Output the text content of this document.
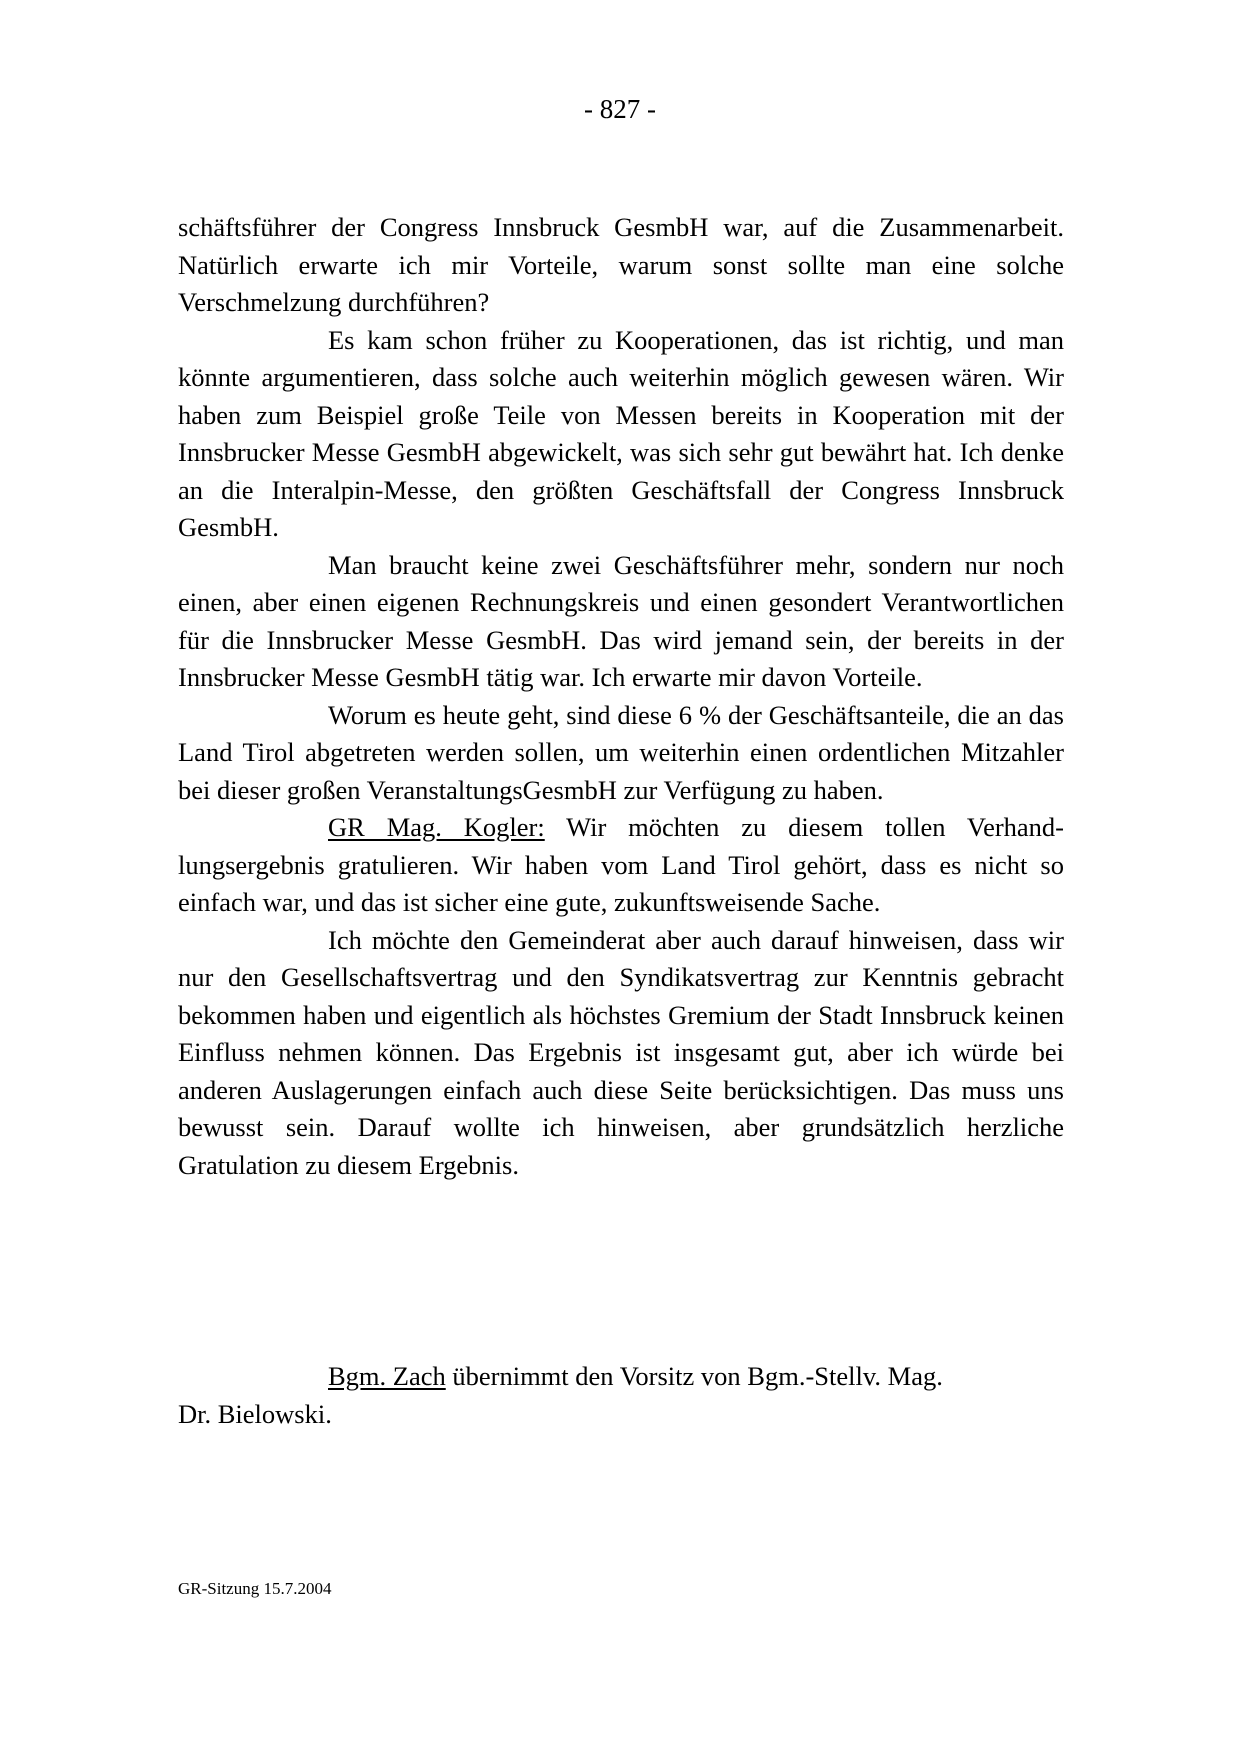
- 827 -

schäftsführer der Congress Innsbruck GesmbH war, auf die Zusammenarbeit. Natürlich erwarte ich mir Vorteile, warum sonst sollte man eine solche Verschmelzung durchführen?

Es kam schon früher zu Kooperationen, das ist richtig, und man könnte argumentieren, dass solche auch weiterhin möglich gewesen wären. Wir haben zum Beispiel große Teile von Messen bereits in Kooperation mit der Innsbrucker Messe GesmbH abgewickelt, was sich sehr gut bewährt hat. Ich denke an die Interalpin-Messe, den größten Geschäftsfall der Congress Innsbruck GesmbH.

Man braucht keine zwei Geschäftsführer mehr, sondern nur noch einen, aber einen eigenen Rechnungskreis und einen gesondert Verantwortlichen für die Innsbrucker Messe GesmbH. Das wird jemand sein, der bereits in der Innsbrucker Messe GesmbH tätig war. Ich erwarte mir davon Vorteile.

Worum es heute geht, sind diese 6 % der Geschäftsanteile, die an das Land Tirol abgetreten werden sollen, um weiterhin einen ordentlichen Mitzahler bei dieser großen VeranstaltungsGesmbH zur Verfügung zu haben.

GR Mag. Kogler: Wir möchten zu diesem tollen Verhandlungsergebnis gratulieren. Wir haben vom Land Tirol gehört, dass es nicht so einfach war, und das ist sicher eine gute, zukunftsweisende Sache.

Ich möchte den Gemeinderat aber auch darauf hinweisen, dass wir nur den Gesellschaftsvertrag und den Syndikatsvertrag zur Kenntnis gebracht bekommen haben und eigentlich als höchstes Gremium der Stadt Innsbruck keinen Einfluss nehmen können. Das Ergebnis ist insgesamt gut, aber ich würde bei anderen Auslagerungen einfach auch diese Seite berücksichtigen. Das muss uns bewusst sein. Darauf wollte ich hinweisen, aber grundsätzlich herzliche Gratulation zu diesem Ergebnis.

Bgm. Zach übernimmt den Vorsitz von Bgm.-Stellv. Mag.

Dr. Bielowski.

GR-Sitzung 15.7.2004
